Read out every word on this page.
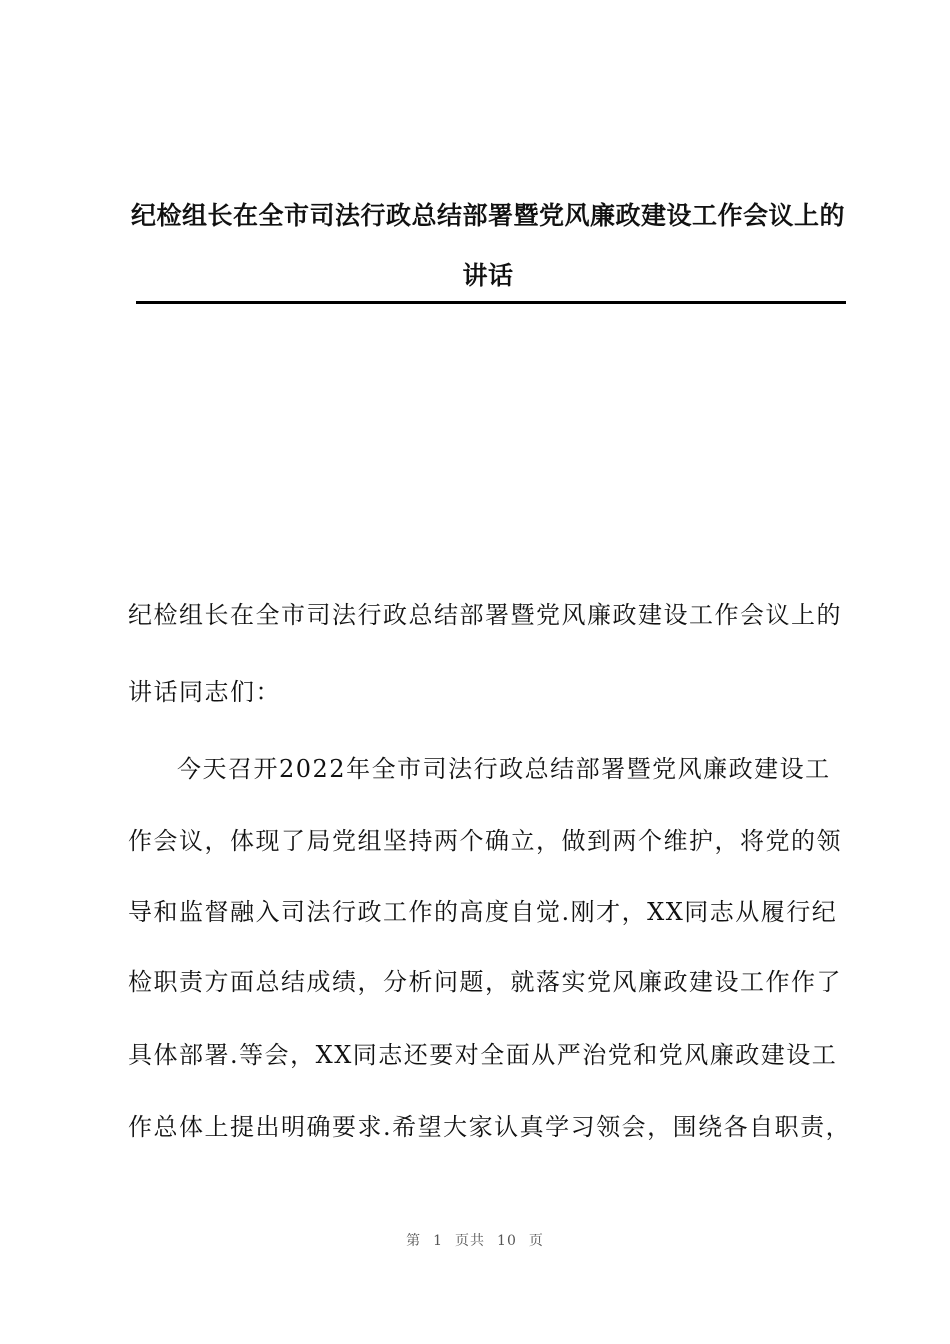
纪检组长在全市司法行政总结部署暨党风廉政建设工作会议上的
讲话
纪检组长在全市司法行政总结部署暨党风廉政建设工作会议上的
讲话同志们：
今天召开2022年全市司法行政总结部署暨党风廉政建设工
作会议，体现了局党组坚持两个确立，做到两个维护，将党的领
导和监督融入司法行政工作的高度自觉.刚才，XX同志从履行纪
检职责方面总结成绩，分析问题，就落实党风廉政建设工作作了
具体部署.等会，XX同志还要对全面从严治党和党风廉政建设工
作总体上提出明确要求.希望大家认真学习领会，围绕各自职责，
第 1 页共 10 页
